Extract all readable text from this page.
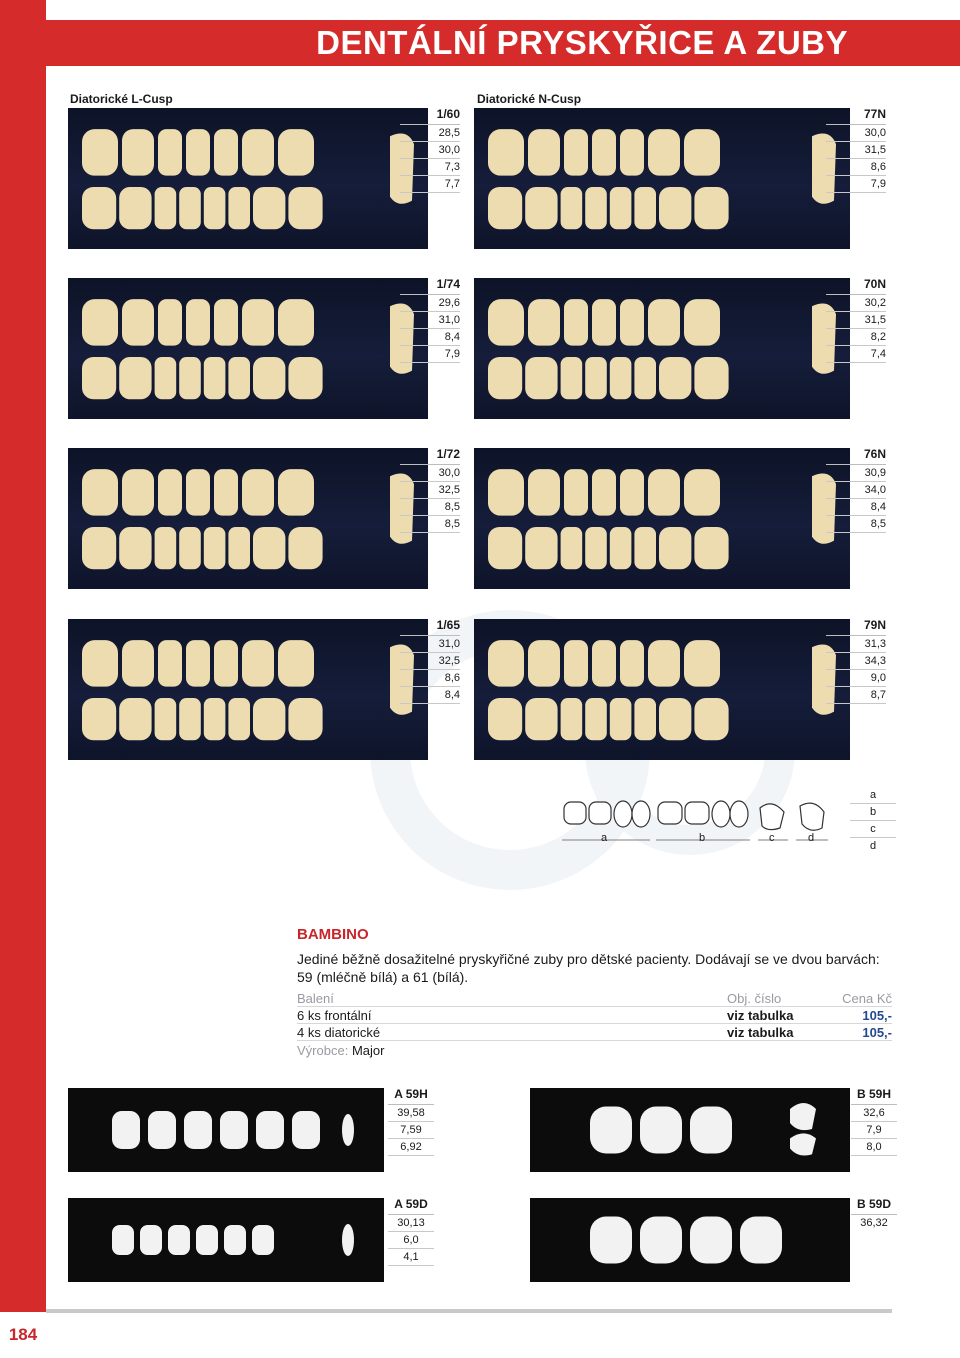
184
DENTÁLNÍ PRYSKYŘICE A ZUBY
Diatorické L-Cusp	Diatorické N-Cusp
1/60
28,5
30,0
7,3
7,7
77N
30,0
31,5
8,6
7,9
1/74
29,6
31,0
8,4
7,9
70N
30,2
31,5
8,2
7,4
1/72
30,0
32,5
8,5
8,5
76N
30,9
34,0
8,4
8,5
1/65
31,0
32,5
8,6
8,4
79N
31,3
34,3
9,0
8,7
a	b	c	d
a
b
c
d
BAMBINO

Jediné běžně dosažitelné pryskyřičné zuby pro dětské pacienty. Dodávají se ve dvou barvách: 59 (mléčně bílá) a 61 (bílá).

Balení	Obj. číslo	Cena Kč
6 ks frontální	viz tabulka	105,-
4 ks diatorické	viz tabulka	105,-
Výrobce: Major
A 59H
39,58
7,59
6,92
B 59H
32,6
7,9
8,0
A 59D
30,13
6,0
4,1
B 59D
36,32
